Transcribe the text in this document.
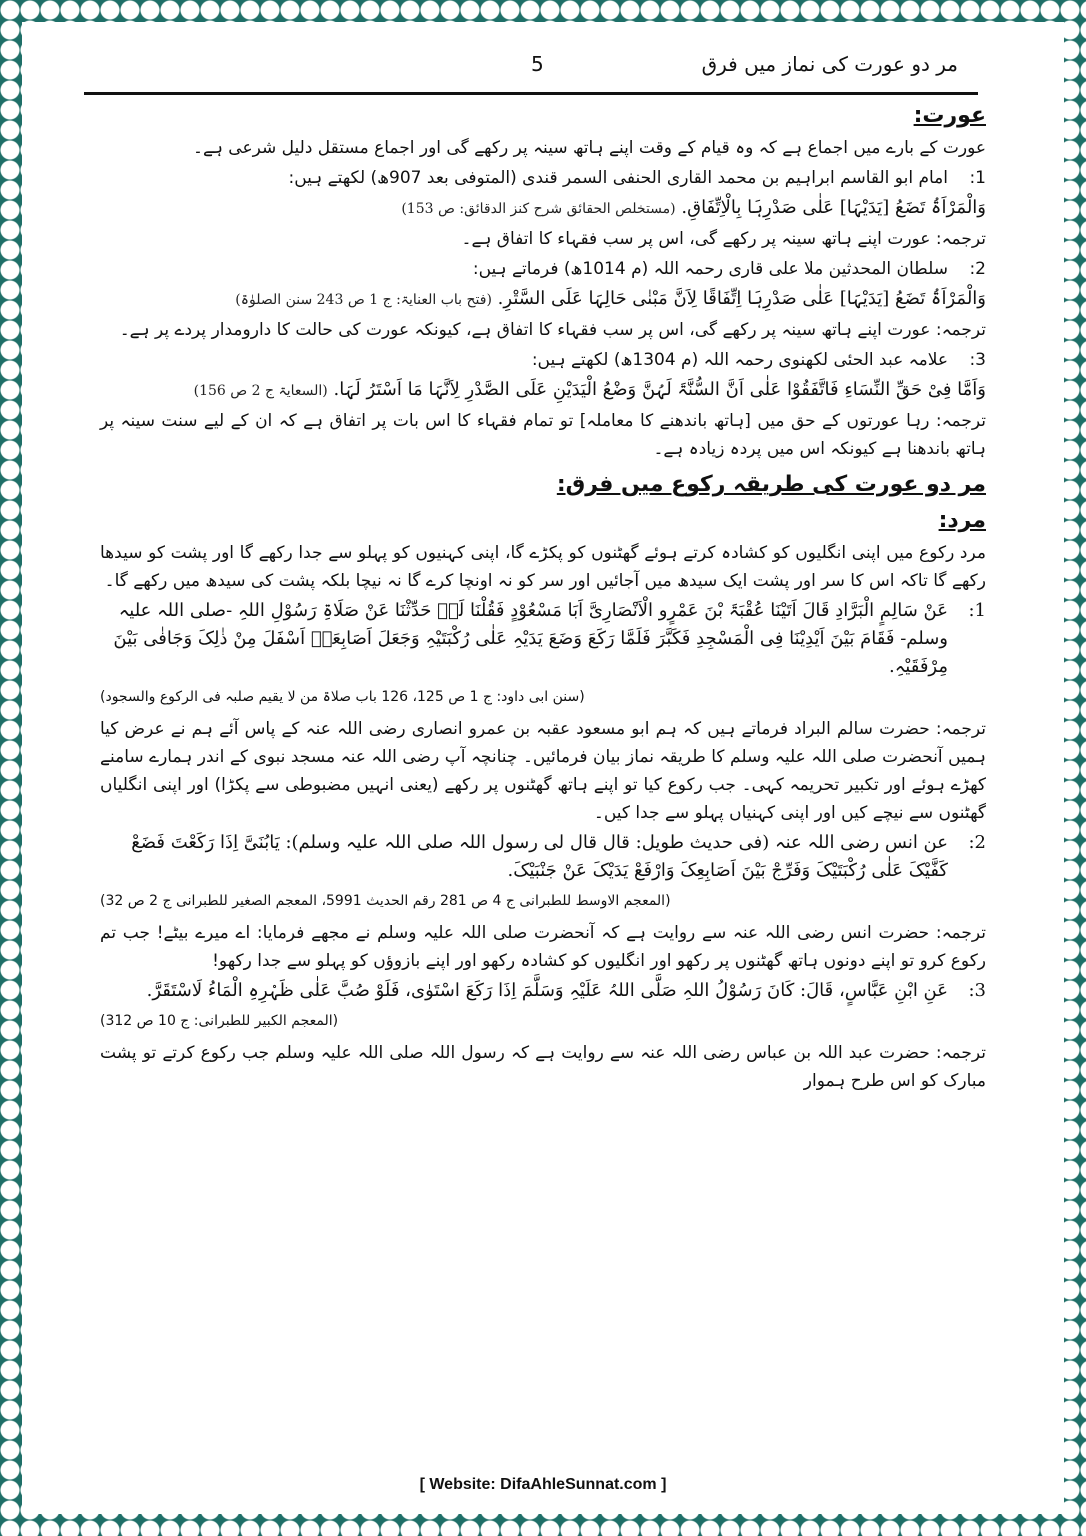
مر دو عورت کی نماز میں فرق
5
عورت:

عورت کے بارے میں اجماع ہے کہ وہ قیام کے وقت اپنے ہاتھ سینہ پر رکھے گی اور اجماع مستقل دلیل شرعی ہے۔

1:
امام ابو القاسم ابراہیم بن محمد القاری الحنفی السمر قندی (المتوفی بعد 907ھ) لکھتے ہیں:

وَالْمَرْاَۃُ تَضَعُ [یَدَیْہَا] عَلٰی صَدْرِہَا بِالْاِتِّفَاقِ. (مستخلص الحقائق شرح کنز الدقائق: ص 153)

ترجمہ: عورت اپنے ہاتھ سینہ پر رکھے گی، اس پر سب فقہاء کا اتفاق ہے۔

2:
سلطان المحدثین ملا علی قاری رحمہ اللہ (م 1014ھ) فرماتے ہیں:

وَالْمَرْاَۃُ تَضَعُ [یَدَیْہَا] عَلٰی صَدْرِہَا اِتِّفَاقًا لِاَنَّ مَبْنٰی حَالِہَا عَلَی السَّتْرِ. (فتح باب العنایۃ: ج 1 ص 243 سنن الصلوٰۃ)

ترجمہ: عورت اپنے ہاتھ سینہ پر رکھے گی، اس پر سب فقہاء کا اتفاق ہے، کیونکہ عورت کی حالت کا دارومدار پردے پر ہے۔

3:
علامہ عبد الحئی لکھنوی رحمہ اللہ (م 1304ھ) لکھتے ہیں:

وَاَمَّا فِیْ حَقِّ النِّسَاءِ فَاتَّفَقُوْا عَلٰی اَنَّ السُّنَّۃَ لَہُنَّ وَضْعُ الْیَدَیْنِ عَلَی الصَّدْرِ لِاَنَّہَا مَا اَسْتَرُ لَہَا. (السعایۃ ج 2 ص 156)

ترجمہ: رہا عورتوں کے حق میں [ہاتھ باندھنے کا معاملہ] تو تمام فقہاء کا اس بات پر اتفاق ہے کہ ان کے لیے سنت سینہ پر ہاتھ باندھنا ہے کیونکہ اس میں پردہ زیادہ ہے۔

مر دو عورت کی طریقہ رکوع میں فرق:
مرد:

مرد رکوع میں اپنی انگلیوں کو کشادہ کرتے ہوئے گھٹنوں کو پکڑے گا، اپنی کہنیوں کو پہلو سے جدا رکھے گا اور پشت کو سیدھا رکھے گا تاکہ اس کا سر اور پشت ایک سیدھ میں آجائیں اور سر کو نہ اونچا کرے گا نہ نیچا بلکہ پشت کی سیدھ میں رکھے گا۔

1:
عَنْ سَالِمٍ الْبَرَّادِ قَالَ اَتَیْنَا عُقْبَۃَ بْنَ عَمْرٍو الْاَنْصَارِیَّ اَبَا مَسْعُوْدٍ فَقُلْنَا لَہٗ حَدِّثْنَا عَنْ صَلَاۃِ رَسُوْلِ اللہِ -صلی اللہ علیہ وسلم- فَقَامَ بَیْنَ اَیْدِیْنَا فِی الْمَسْجِدِ فَکَبَّرَ فَلَمَّا رَکَعَ وَضَعَ یَدَیْہِ عَلٰی رُکْبَتَیْہِ وَجَعَلَ اَصَابِعَہٗ اَسْفَلَ مِنْ ذٰلِکَ وَجَافٰی بَیْنَ مِرْفَقَیْہِ.

(سنن ابی داود: ج 1 ص 125، 126 باب صلاۃ من لا یقیم صلبہ فی الرکوع والسجود)

ترجمہ: حضرت سالم البراد فرماتے ہیں کہ ہم ابو مسعود عقبہ بن عمرو انصاری رضی اللہ عنہ کے پاس آئے ہم نے عرض کیا ہمیں آنحضرت صلی اللہ علیہ وسلم کا طریقہ نماز بیان فرمائیں۔ چنانچہ آپ رضی اللہ عنہ مسجد نبوی کے اندر ہمارے سامنے کھڑے ہوئے اور تکبیر تحریمہ کہی۔ جب رکوع کیا تو اپنے ہاتھ گھٹنوں پر رکھے (یعنی انہیں مضبوطی سے پکڑا) اور اپنی انگلیاں گھٹنوں سے نیچے کیں اور اپنی کہنیاں پہلو سے جدا کیں۔

2:
عن انس رضی اللہ عنہ (فی حدیث طویل: قال قال لی رسول اللہ صلی اللہ علیہ وسلم): یَابُنَیَّ اِذَا رَکَعْتَ فَضَعْ کَفَّیْکَ عَلٰی رُکْبَتَیْکَ وَفَرِّجْ بَیْنَ اَصَابِعِکَ وَارْفَعْ یَدَیْکَ عَنْ جَنْبَیْکَ.

(المعجم الاوسط للطبرانی ج 4 ص 281 رقم الحدیث 5991، المعجم الصغیر للطبرانی ج 2 ص 32)

ترجمہ: حضرت انس رضی اللہ عنہ سے روایت ہے کہ آنحضرت صلی اللہ علیہ وسلم نے مجھے فرمایا: اے میرے بیٹے! جب تم رکوع کرو تو اپنے دونوں ہاتھ گھٹنوں پر رکھو اور انگلیوں کو کشادہ رکھو اور اپنے بازوؤں کو پہلو سے جدا رکھو!

3:
عَنِ ابْنِ عَبَّاسٍ، قَالَ: کَانَ رَسُوْلُ اللہِ صَلَّی اللہُ عَلَیْہِ وَسَلَّمَ اِذَا رَکَعَ اسْتَوٰی، فَلَوْ صُبَّ عَلٰی ظَہْرِہِ الْمَاءُ لَاسْتَقَرَّ.

(المعجم الکبیر للطبرانی: ج 10 ص 312)

ترجمہ: حضرت عبد اللہ بن عباس رضی اللہ عنہ سے روایت ہے کہ رسول اللہ صلی اللہ علیہ وسلم جب رکوع کرتے تو پشت مبارک کو اس طرح ہموار

[ Website: DifaAhleSunnat.com ]
